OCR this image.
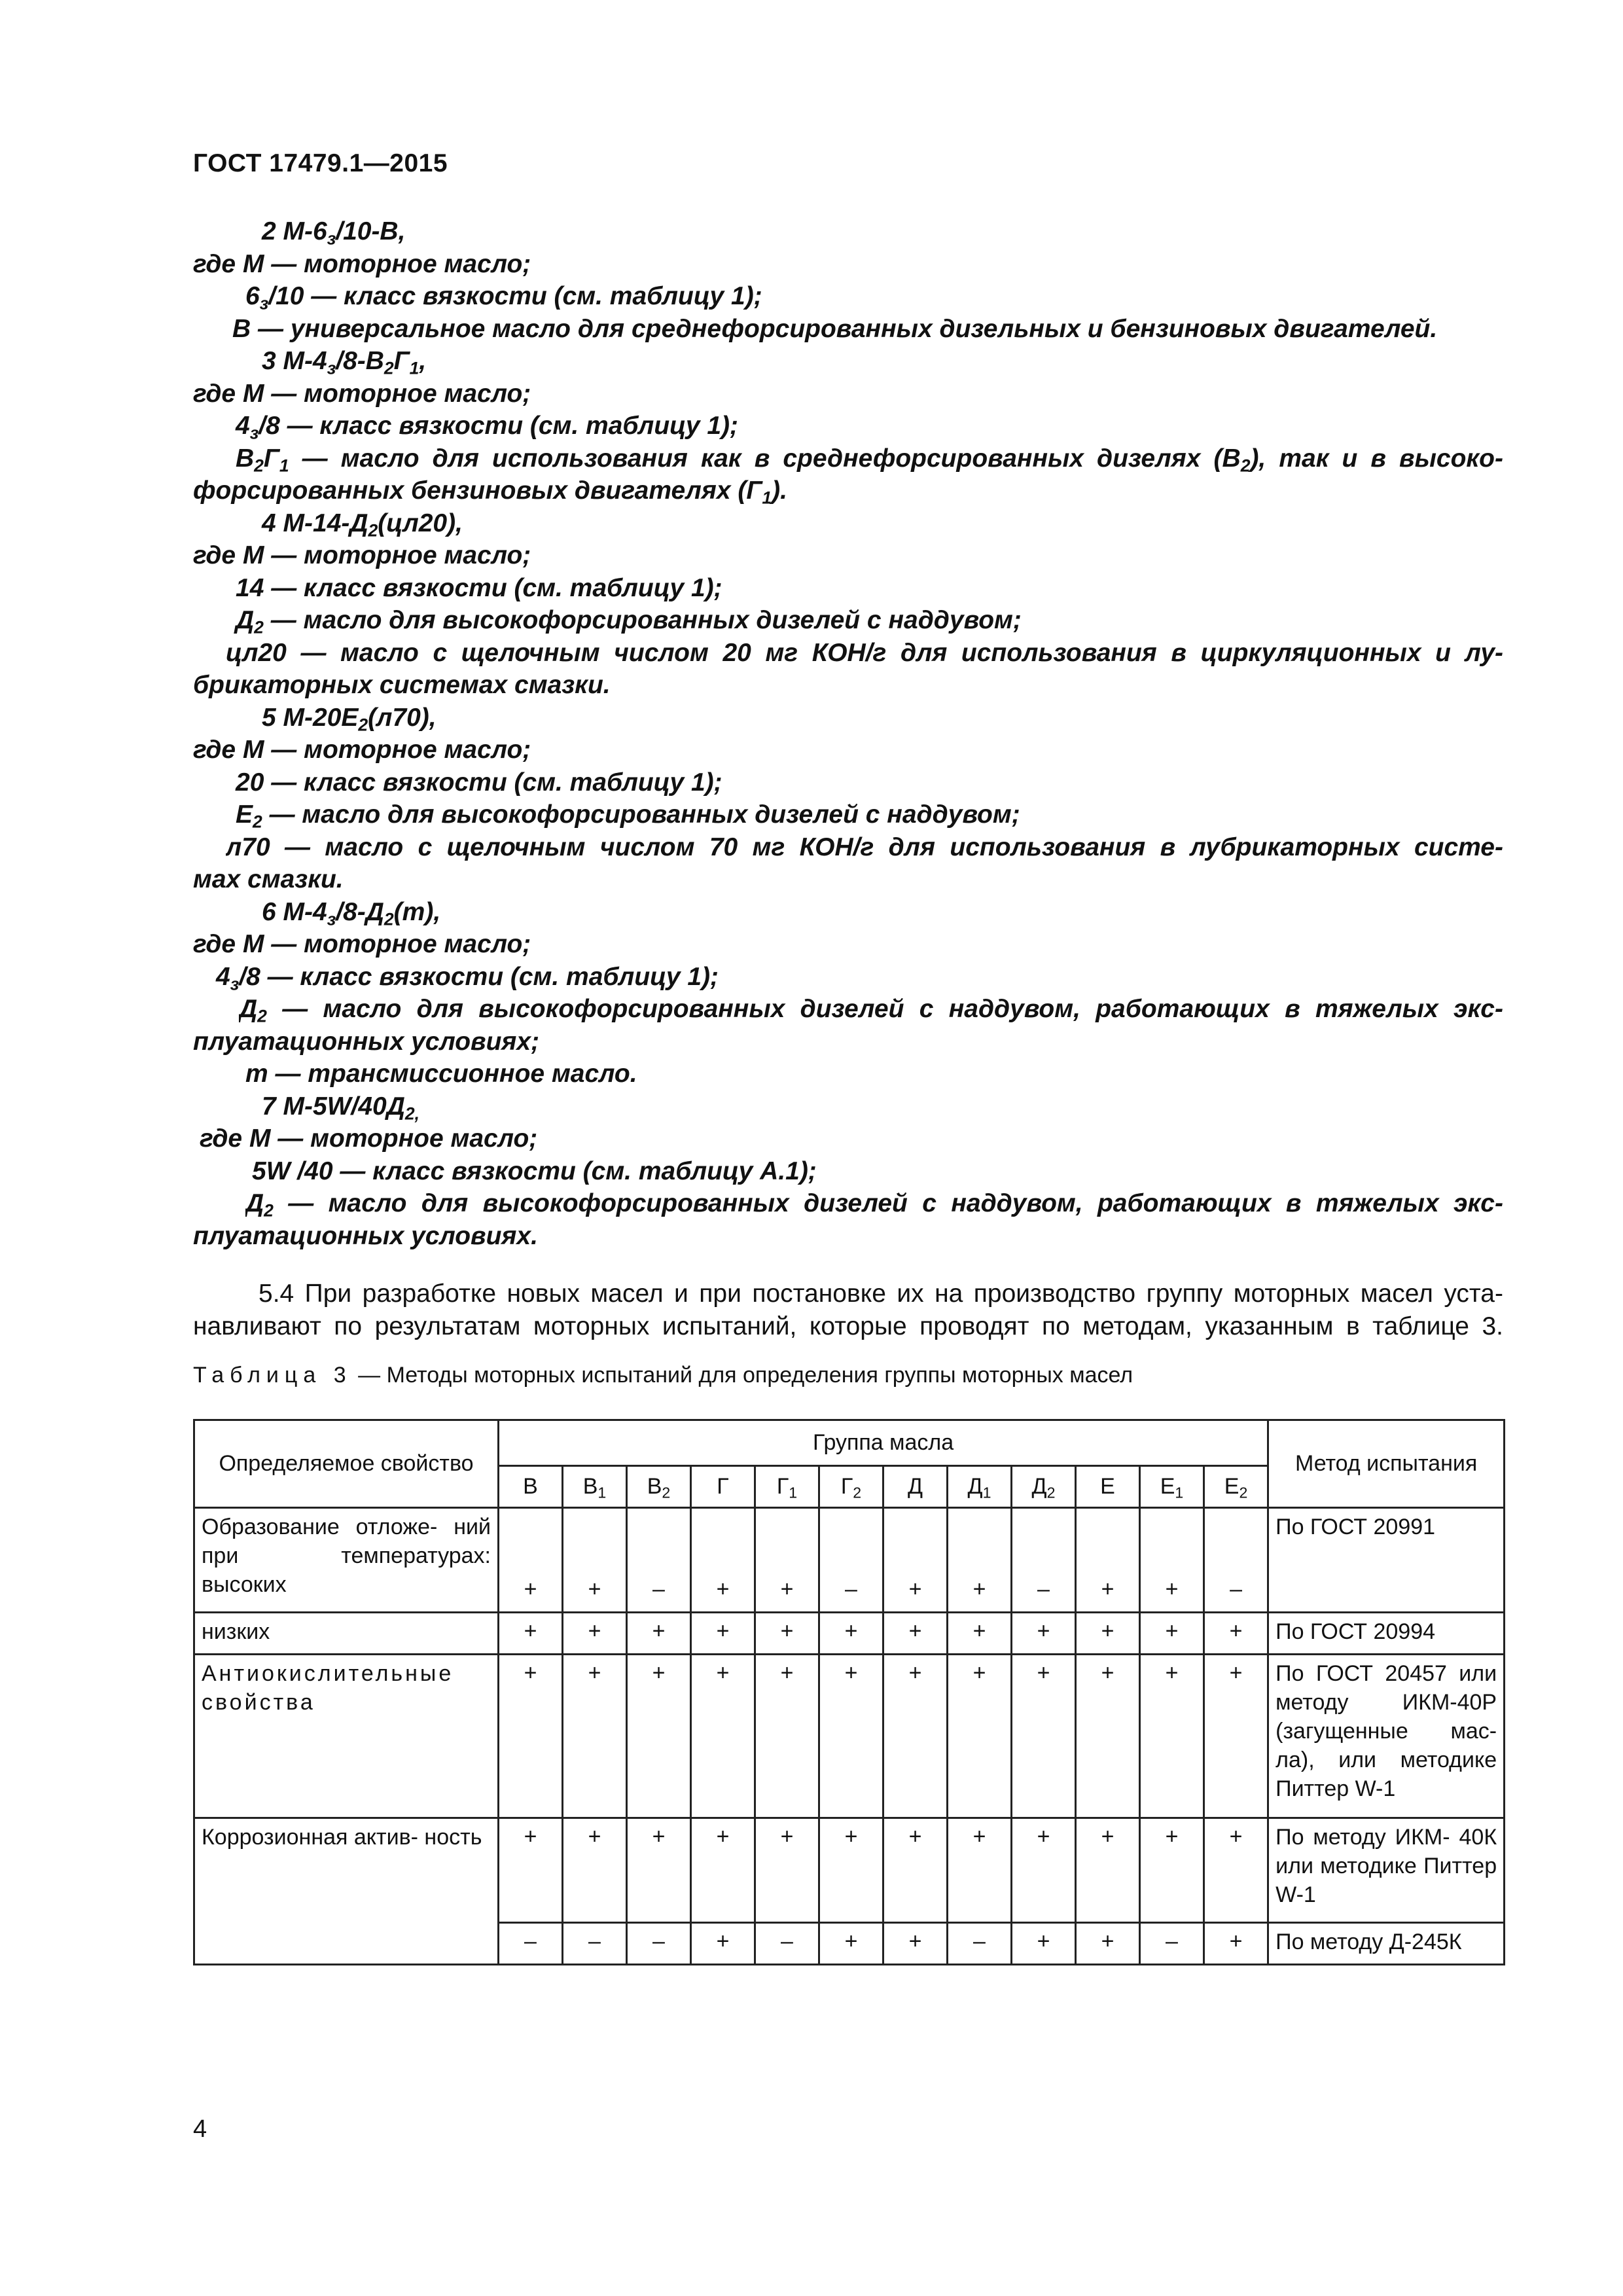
ГОСТ 17479.1—2015
2 $М-6_з/10-В$,
где М — моторное масло;
$6_з/10$ — класс вязкости (см. таблицу 1);
В — универсальное масло для среднефорсированных дизельных и бензиновых двигателей.
3 $М-4_з/8-В_2Г_1$,
где М — моторное масло;
$4_з/8$ — класс вязкости (см. таблицу 1);
$В_2Г_1$ — масло для использования как в среднефорсированных дизелях $(В_2)$, так и в высоко-
форсированных бензиновых двигателях $(Г_1)$.
4 $М-14-Д_2(цл20)$,
где М — моторное масло;
14 — класс вязкости (см. таблицу 1);
$Д_2$ — масло для высокофорсированных дизелей с наддувом;
цл20 — масло с щелочным числом 20 мг КОН/г для использования в циркуляционных и лу-
брикаторных системах смазки.
5 $М-20Е_2(л70)$,
где М — моторное масло;
20 — класс вязкости (см. таблицу 1);
$Е_2$ — масло для высокофорсированных дизелей с наддувом;
л70 — масло с щелочным числом 70 мг КОН/г для использования в лубрикаторных систе-
мах смазки.
6 $М-4_з/8-Д_2(т)$,
где М — моторное масло;
$4_з/8$ — класс вязкости (см. таблицу 1);
$Д_2$ — масло для высокофорсированных дизелей с наддувом, работающих в тяжелых экс-
плуатационных условиях;
т — трансмиссионное масло.
7 $М-5W/40Д_{2,}$
где М — моторное масло;
5W /40 — класс вязкости (см. таблицу А.1);
$Д_2$ — масло для высокофорсированных дизелей с наддувом, работающих в тяжелых экс-
плуатационных условиях.
5.4 При разработке новых масел и при постановке их на производство группу моторных масел уста-
навливают по результатам моторных испытаний, которые проводят по методам, указанным в таблице 3.
Таблица 3 — Методы моторных испытаний для определения группы моторных масел
Определяемое свойство	Группа масла												Метод испытания
	В	$В_1$	$В_2$	Г	$Г_1$	$Г_2$	Д	$Д_1$	$Д_2$	Е	$Е_1$	$Е_2$

Образование отложе- ний при температурах:
высоких	+	+	–	+	+	–	+	+	–	+	+	–	По ГОСТ 20991
низких	+	+	+	+	+	+	+	+	+	+	+	+	По ГОСТ 20994
Антиокислительные свойства	+	+	+	+	+	+	+	+	+	+	+	+	По ГОСТ 20457 или методу ИКМ-40Р (загущенные мас- ла), или методике Питтер W-1
Коррозионная актив- ность	+	+	+	+	+	+	+	+	+	+	+	+	По методу ИКМ- 40К или методике Питтер W-1
	–	–	–	+	–	+	+	–	+	+	–	+	По методу Д-245К
4
